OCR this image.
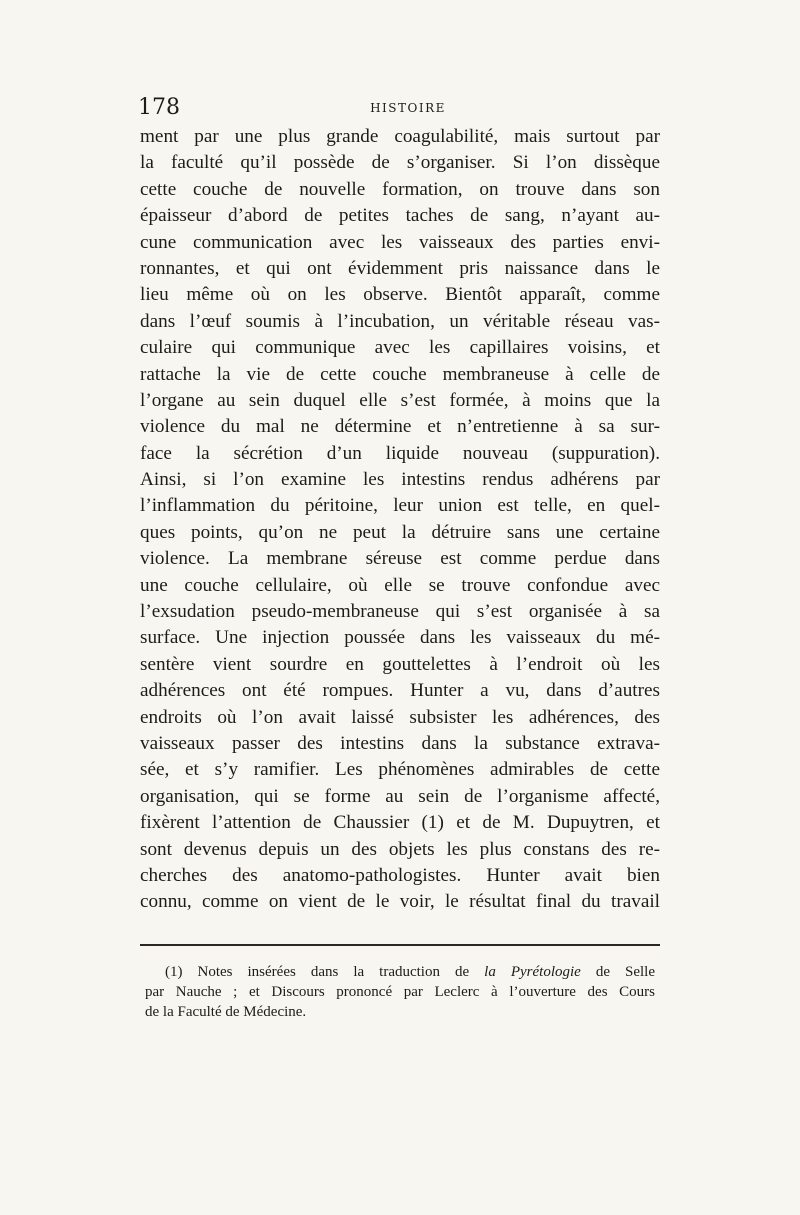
178	HISTOIRE
ment par une plus grande coagulabilité, mais surtout par
la faculté qu’il possède de s’organiser. Si l’on dissèque
cette couche de nouvelle formation, on trouve dans son
épaisseur d’abord de petites taches de sang, n’ayant au-
cune communication avec les vaisseaux des parties envi-
ronnantes, et qui ont évidemment pris naissance dans le
lieu même où on les observe. Bientôt apparaît, comme
dans l’œuf soumis à l’incubation, un véritable réseau vas-
culaire qui communique avec les capillaires voisins, et
rattache la vie de cette couche membraneuse à celle de
l’organe au sein duquel elle s’est formée, à moins que la
violence du mal ne détermine et n’entretienne à sa sur-
face la sécrétion d’un liquide nouveau (suppuration).
Ainsi, si l’on examine les intestins rendus adhérens par
l’inflammation du péritoine, leur union est telle, en quel-
ques points, qu’on ne peut la détruire sans une certaine
violence. La membrane séreuse est comme perdue dans
une couche cellulaire, où elle se trouve confondue avec
l’exsudation pseudo-membraneuse qui s’est organisée à sa
surface. Une injection poussée dans les vaisseaux du mé-
sentère vient sourdre en gouttelettes à l’endroit où les
adhérences ont été rompues. Hunter a vu, dans d’autres
endroits où l’on avait laissé subsister les adhérences, des
vaisseaux passer des intestins dans la substance extrava-
sée, et s’y ramifier. Les phénomènes admirables de cette
organisation, qui se forme au sein de l’organisme affecté,
fixèrent l’attention de Chaussier (1) et de M. Dupuytren, et
sont devenus depuis un des objets les plus constans des re-
cherches des anatomo-pathologistes. Hunter avait bien
connu, comme on vient de le voir, le résultat final du travail
(1) Notes insérées dans la traduction de la Pyrétologie de Selle
par Nauche ; et Discours prononcé par Leclerc à l’ouverture des Cours
de la Faculté de Médecine.
